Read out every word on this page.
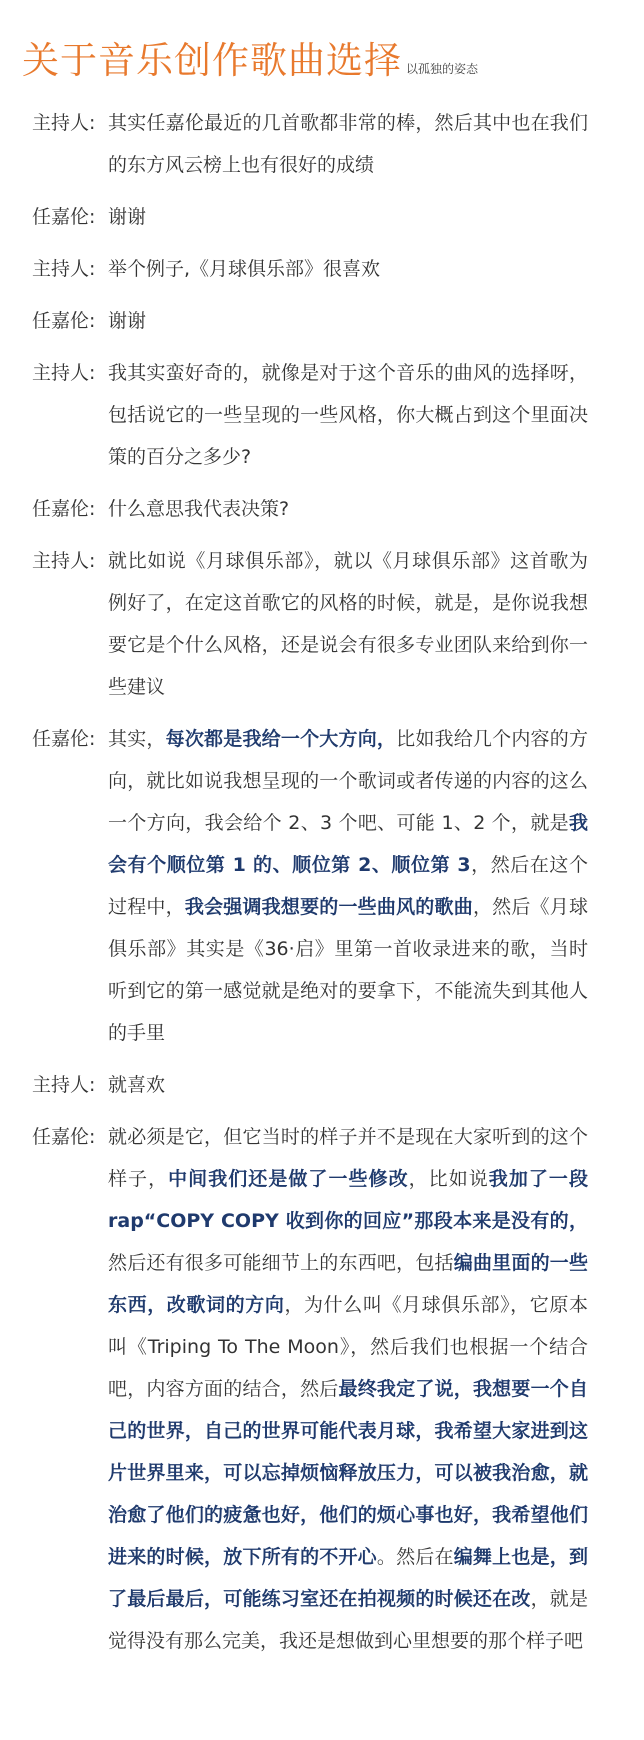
关于音乐创作歌曲选择 以孤独的姿态
主持人: 其实任嘉伦最近的几首歌都非常的棒，然后其中也在我们的东方风云榜上也有很好的成绩
任嘉伦: 谢谢
主持人: 举个例子,《月球俱乐部》很喜欢
任嘉伦: 谢谢
主持人: 我其实蛮好奇的，就像是对于这个音乐的曲风的选择呀，包括说它的一些呈现的一些风格，你大概占到这个里面决策的百分之多少?
任嘉伦: 什么意思我代表决策?
主持人: 就比如说《月球俱乐部》，就以《月球俱乐部》这首歌为例好了，在定这首歌它的风格的时候，就是，是你说我想要它是个什么风格，还是说会有很多专业团队来给到你一些建议
任嘉伦: 其实，每次都是我给一个大方向，比如我给几个内容的方向，就比如说我想呈现的一个歌词或者传递的内容的这么一个方向，我会给个 2、3 个吧、可能 1、2 个，就是我会有个顺位第 1 的、顺位第 2、顺位第 3，然后在这个过程中，我会强调我想要的一些曲风的歌曲，然后《月球俱乐部》其实是《36·启》里第一首收录进来的歌，当时听到它的第一感觉就是绝对的要拿下，不能流失到其他人的手里
主持人: 就喜欢
任嘉伦: 就必须是它，但它当时的样子并不是现在大家听到的这个样子，中间我们还是做了一些修改，比如说我加了一段 rap“COPY COPY 收到你的回应”那段本来是没有的，然后还有很多可能细节上的东西吧，包括编曲里面的一些东西，改歌词的方向，为什么叫《月球俱乐部》，它原本叫《Triping To The Moon》，然后我们也根据一个结合吧，内容方面的结合，然后最终我定了说，我想要一个自己的世界，自己的世界可能代表月球，我希望大家进到这片世界里来，可以忘掉烦恼释放压力，可以被我治愈，就治愈了他们的疲惫也好，他们的烦心事也好，我希望他们进来的时候，放下所有的不开心。然后在编舞上也是，到了最后最后，可能练习室还在拍视频的时候还在改，就是觉得没有那么完美，我还是想做到心里想要的那个样子吧
